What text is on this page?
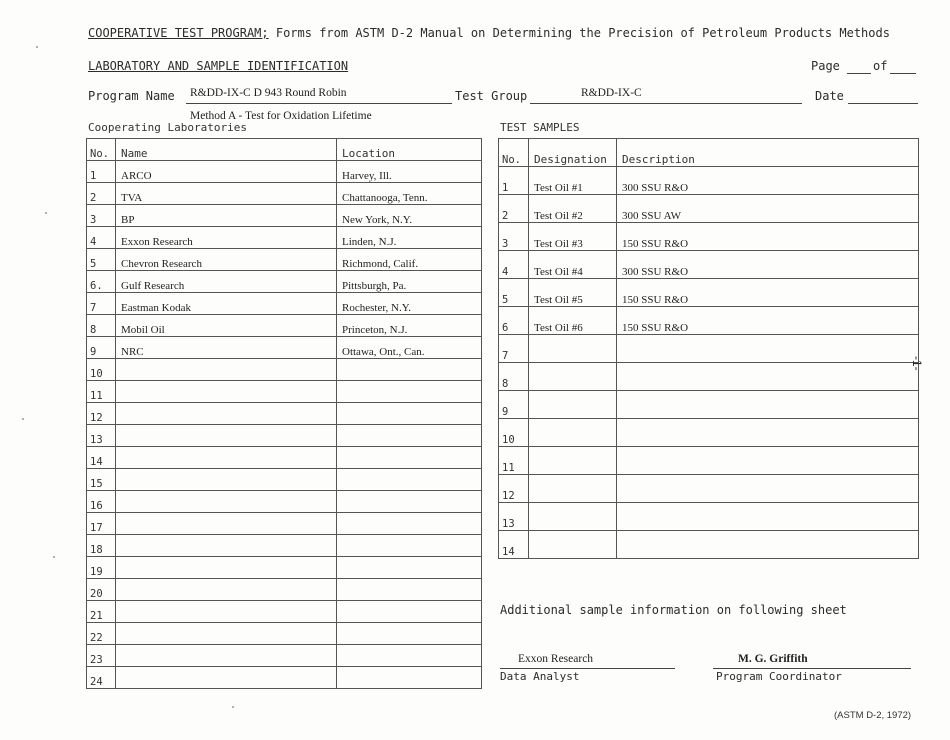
COOPERATIVE TEST PROGRAM; Forms from ASTM D-2 Manual on Determining the Precision of Petroleum Products Methods
LABORATORY AND SAMPLE IDENTIFICATION	Page	of
Program Name R&DD-IX-C D 943 Round Robin
Method A - Test for Oxidation Lifetime
Test Group	R&DD-IX-C	Date
Cooperating Laboratories
No.	Name	Location
1	ARCO	Harvey, Ill.
2	TVA	Chattanooga, Tenn.
3	BP	New York, N.Y.
4	Exxon Research	Linden, N.J.
5	Chevron Research	Richmond, Calif.
6.	Gulf Research	Pittsburgh, Pa.
7	Eastman Kodak	Rochester, N.Y.
8	Mobil Oil	Princeton, N.J.
9	NRC	Ottawa, Ont., Can.
10		
11		
12		
13		
14		
15		
16		
17		
18		
19		
20		
21		
22		
23		
24		
TEST SAMPLES
No.	Designation	Description
1	Test Oil #1	300 SSU R&O
2	Test Oil #2	300 SSU AW
3	Test Oil #3	150 SSU R&O
4	Test Oil #4	300 SSU R&O
5	Test Oil #5	150 SSU R&O
6	Test Oil #6	150 SSU R&O
7		
8		
9		
10		
11		
12		
13		
14		
Additional sample information on following sheet
Exxon Research
Data Analyst
M. G. Griffith
Program Coordinator
(ASTM D-2, 1972)
-1-
